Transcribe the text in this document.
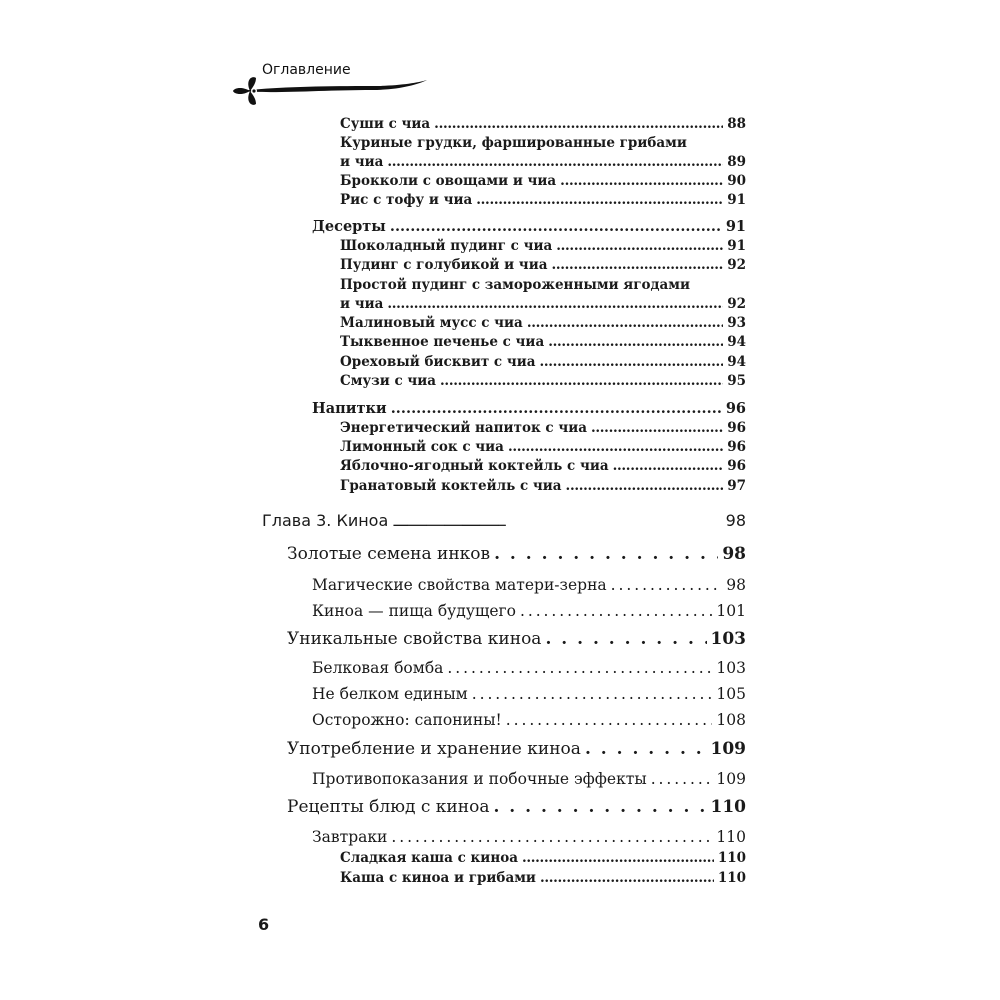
Оглавление
Суши с чиа . . .	88
Куриные грудки, фаршированные грибами
и чиа . . .	89
Брокколи с овощами и чиа . . .	90
Рис с тофу и чиа . . .	91
Десерты . . .	91
Шоколадный пудинг с чиа . . .	91
Пудинг с голубикой и чиа . . .	92
Простой пудинг с замороженными ягодами
и чиа . . .	92
Малиновый мусс с чиа . . .	93
Тыквенное печенье с чиа . . .	94
Ореховый бисквит с чиа . . .	94
Смузи с чиа . . .	95
Напитки . . .	96
Энергетический напиток с чиа . . .	96
Лимонный сок с чиа . . .	96
Яблочно-ягодный коктейль с чиа . . .	96
Гранатовый коктейль с чиа . . .	97
Глава 3. Киноа . . .	98
Золотые семена инков . . .	98
Магические свойства матери-зерна . . .	98
Киноа — пища будущего . . .	101
Уникальные свойства киноа . . .	103
Белковая бомба . . .	103
Не белком единым . . .	105
Осторожно: сапонины! . . .	108
Употребление и хранение киноа . . .	109
Противопоказания и побочные эффекты . . .	109
Рецепты блюд с киноа . . .	110
Завтраки . . .	110
Сладкая каша с киноа . . .	110
Каша с киноа и грибами . . .	110
6
